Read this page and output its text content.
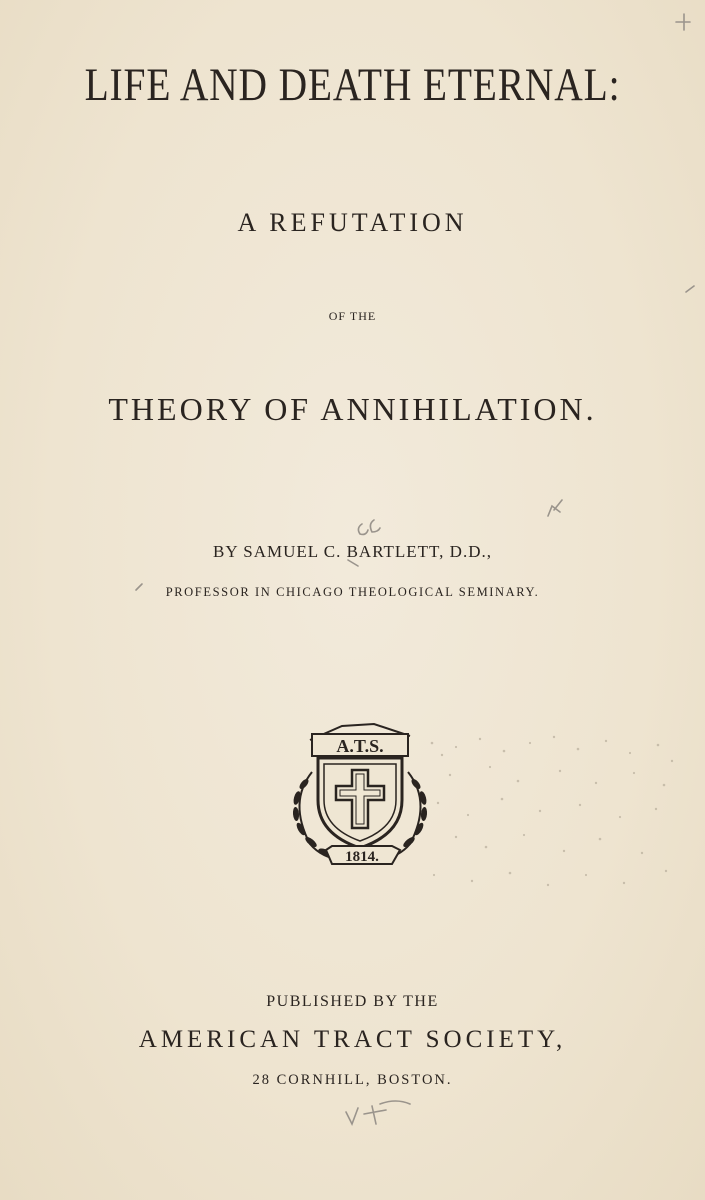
LIFE AND DEATH ETERNAL:
A REFUTATION
OF THE
THEORY OF ANNIHILATION.
BY SAMUEL C. BARTLETT, D.D.,
PROFESSOR IN CHICAGO THEOLOGICAL SEMINARY.
A.T.S.
1814.
PUBLISHED BY THE
AMERICAN TRACT SOCIETY,
28 CORNHILL, BOSTON.
